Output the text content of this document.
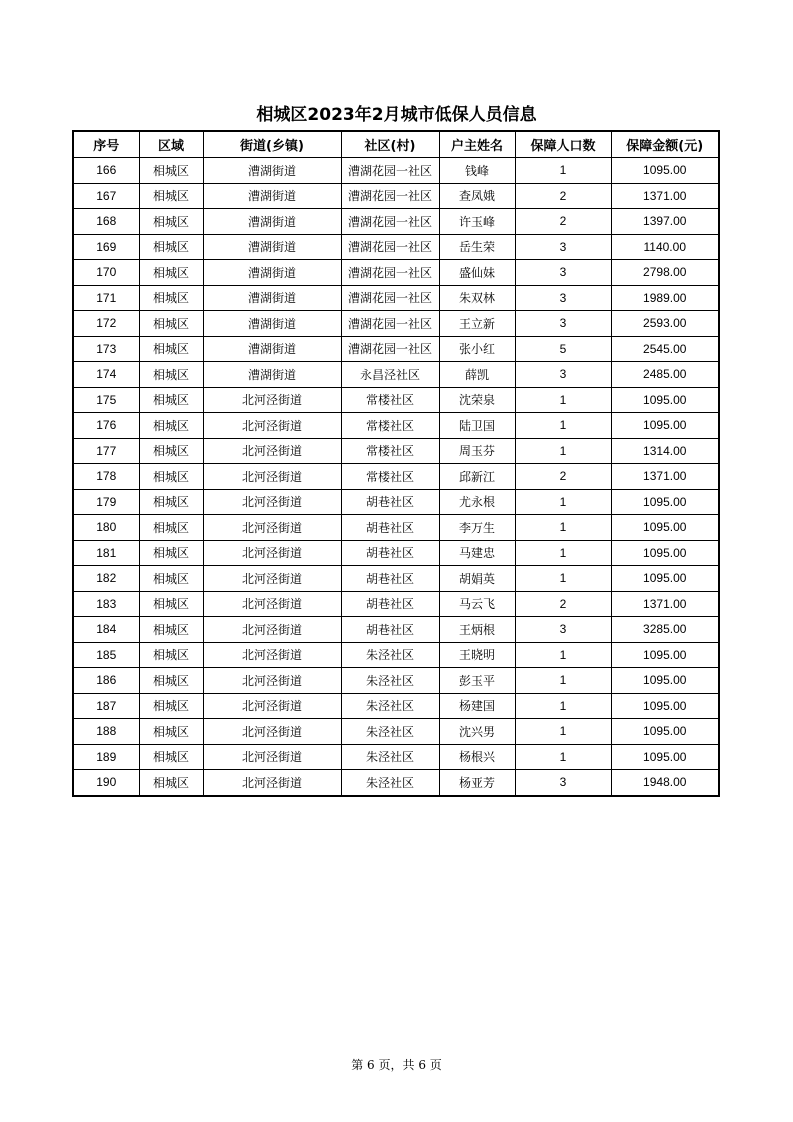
相城区2023年2月城市低保人员信息
序号	区域	街道(乡镇)	社区(村)	户主姓名	保障人口数	保障金额(元)
166	相城区	漕湖街道	漕湖花园一社区	钱峰	1	1095.00
167	相城区	漕湖街道	漕湖花园一社区	查凤娥	2	1371.00
168	相城区	漕湖街道	漕湖花园一社区	许玉峰	2	1397.00
169	相城区	漕湖街道	漕湖花园一社区	岳生荣	3	1140.00
170	相城区	漕湖街道	漕湖花园一社区	盛仙妹	3	2798.00
171	相城区	漕湖街道	漕湖花园一社区	朱双林	3	1989.00
172	相城区	漕湖街道	漕湖花园一社区	王立新	3	2593.00
173	相城区	漕湖街道	漕湖花园一社区	张小红	5	2545.00
174	相城区	漕湖街道	永昌泾社区	薛凯	3	2485.00
175	相城区	北河泾街道	常楼社区	沈荣泉	1	1095.00
176	相城区	北河泾街道	常楼社区	陆卫国	1	1095.00
177	相城区	北河泾街道	常楼社区	周玉芬	1	1314.00
178	相城区	北河泾街道	常楼社区	邱新江	2	1371.00
179	相城区	北河泾街道	胡巷社区	尤永根	1	1095.00
180	相城区	北河泾街道	胡巷社区	李万生	1	1095.00
181	相城区	北河泾街道	胡巷社区	马建忠	1	1095.00
182	相城区	北河泾街道	胡巷社区	胡娟英	1	1095.00
183	相城区	北河泾街道	胡巷社区	马云飞	2	1371.00
184	相城区	北河泾街道	胡巷社区	王炳根	3	3285.00
185	相城区	北河泾街道	朱泾社区	王晓明	1	1095.00
186	相城区	北河泾街道	朱泾社区	彭玉平	1	1095.00
187	相城区	北河泾街道	朱泾社区	杨建国	1	1095.00
188	相城区	北河泾街道	朱泾社区	沈兴男	1	1095.00
189	相城区	北河泾街道	朱泾社区	杨根兴	1	1095.00
190	相城区	北河泾街道	朱泾社区	杨亚芳	3	1948.00
第 6 页，共 6 页
